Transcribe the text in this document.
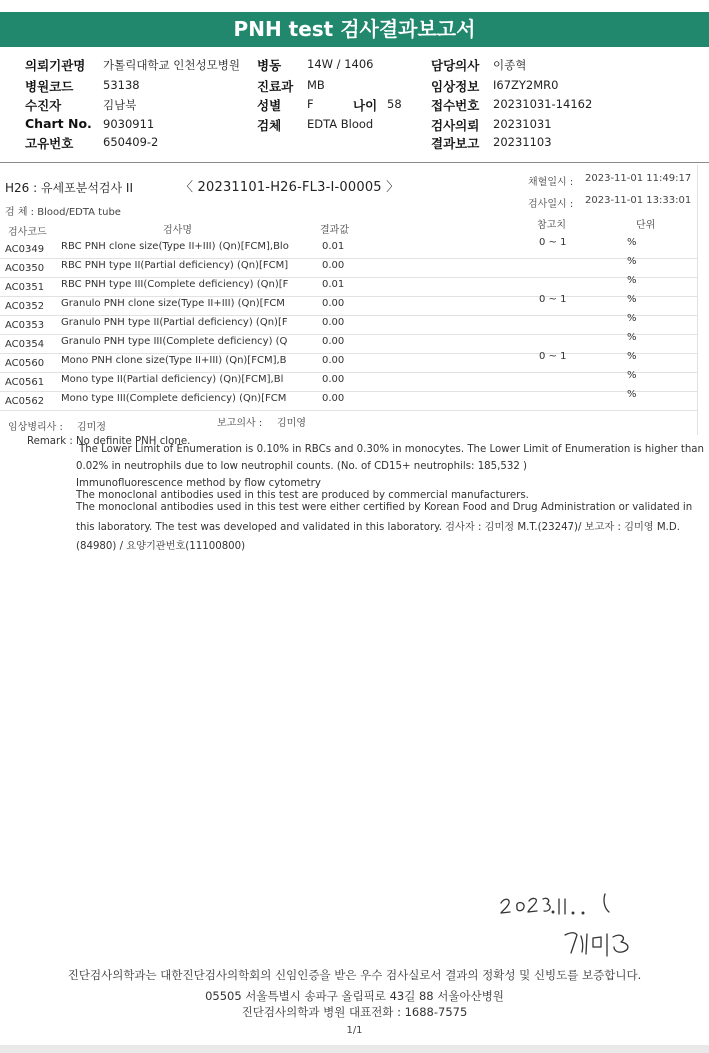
PNH test 검사결과보고서
의뢰기관명 가톨릭대학교 인천성모병원
병원코드	53138
수진자	김남북
Chart No. 9030911
고유번호	650409-2
병동 14W / 1406
진료과 MB
성별 F	나이 58
검체 EDTA Blood
담당의사 이종혁
임상정보 I67ZY2MR0
접수번호 20231031-14162
검사의뢰 20231031
결과보고 20231103
H26 : 유세포분석검사 II	〈 20231101-H26-FL3-I-00005 〉	채혈일시 : 2023-11-01 11:49:17
검사일시 : 2023-11-01 13:33:01
검 체 : Blood/EDTA tube
검사코드	검사명	결과값	참고치	단위
AC0349 RBC PNH clone size(Type II+III) (Qn)[FCM],Blo	0.01	0 ~ 1	%
AC0350 RBC PNH type II(Partial deficiency) (Qn)[FCM]	0.00	%
AC0351 RBC PNH type III(Complete deficiency) (Qn)[F	0.01	%
AC0352 Granulo PNH clone size(Type II+III) (Qn)[FCM	0.00	0 ~ 1	%
AC0353 Granulo PNH type II(Partial deficiency) (Qn)[F	0.00	%
AC0354 Granulo PNH type III(Complete deficiency) (Q	0.00	%
AC0560 Mono PNH clone size(Type II+III) (Qn)[FCM],B	0.00	0 ~ 1	%
AC0561 Mono type II(Partial deficiency) (Qn)[FCM],Bl	0.00	%
AC0562 Mono type III(Complete deficiency) (Qn)[FCM	0.00	%
임상병리사 : 김미정	보고의사 : 김미영
Remark : No definite PNH clone.
The Lower Limit of Enumeration is 0.10% in RBCs and 0.30% in monocytes. The Lower Limit of Enumeration is higher than
0.02% in neutrophils due to low neutrophil counts. (No. of CD15+ neutrophils: 185,532 )
Immunofluorescence method by flow cytometry
The monoclonal antibodies used in this test are produced by commercial manufacturers.
The monoclonal antibodies used in this test were either certified by Korean Food and Drug Administration or validated in
this laboratory. The test was developed and validated in this laboratory. 검사자 : 김미정 M.T.(23247)/ 보고자 : 김미영 M.D.
(84980) / 요양기관번호(11100800)
진단검사의학과는 대한진단검사의학회의 신임인증을 받은 우수 검사실로서 결과의 정확성 및 신빙도를 보증합니다.
05505 서울특별시 송파구 올림픽로 43길 88 서울아산병원
진단검사의학과 병원 대표전화 : 1688-7575
1/1
